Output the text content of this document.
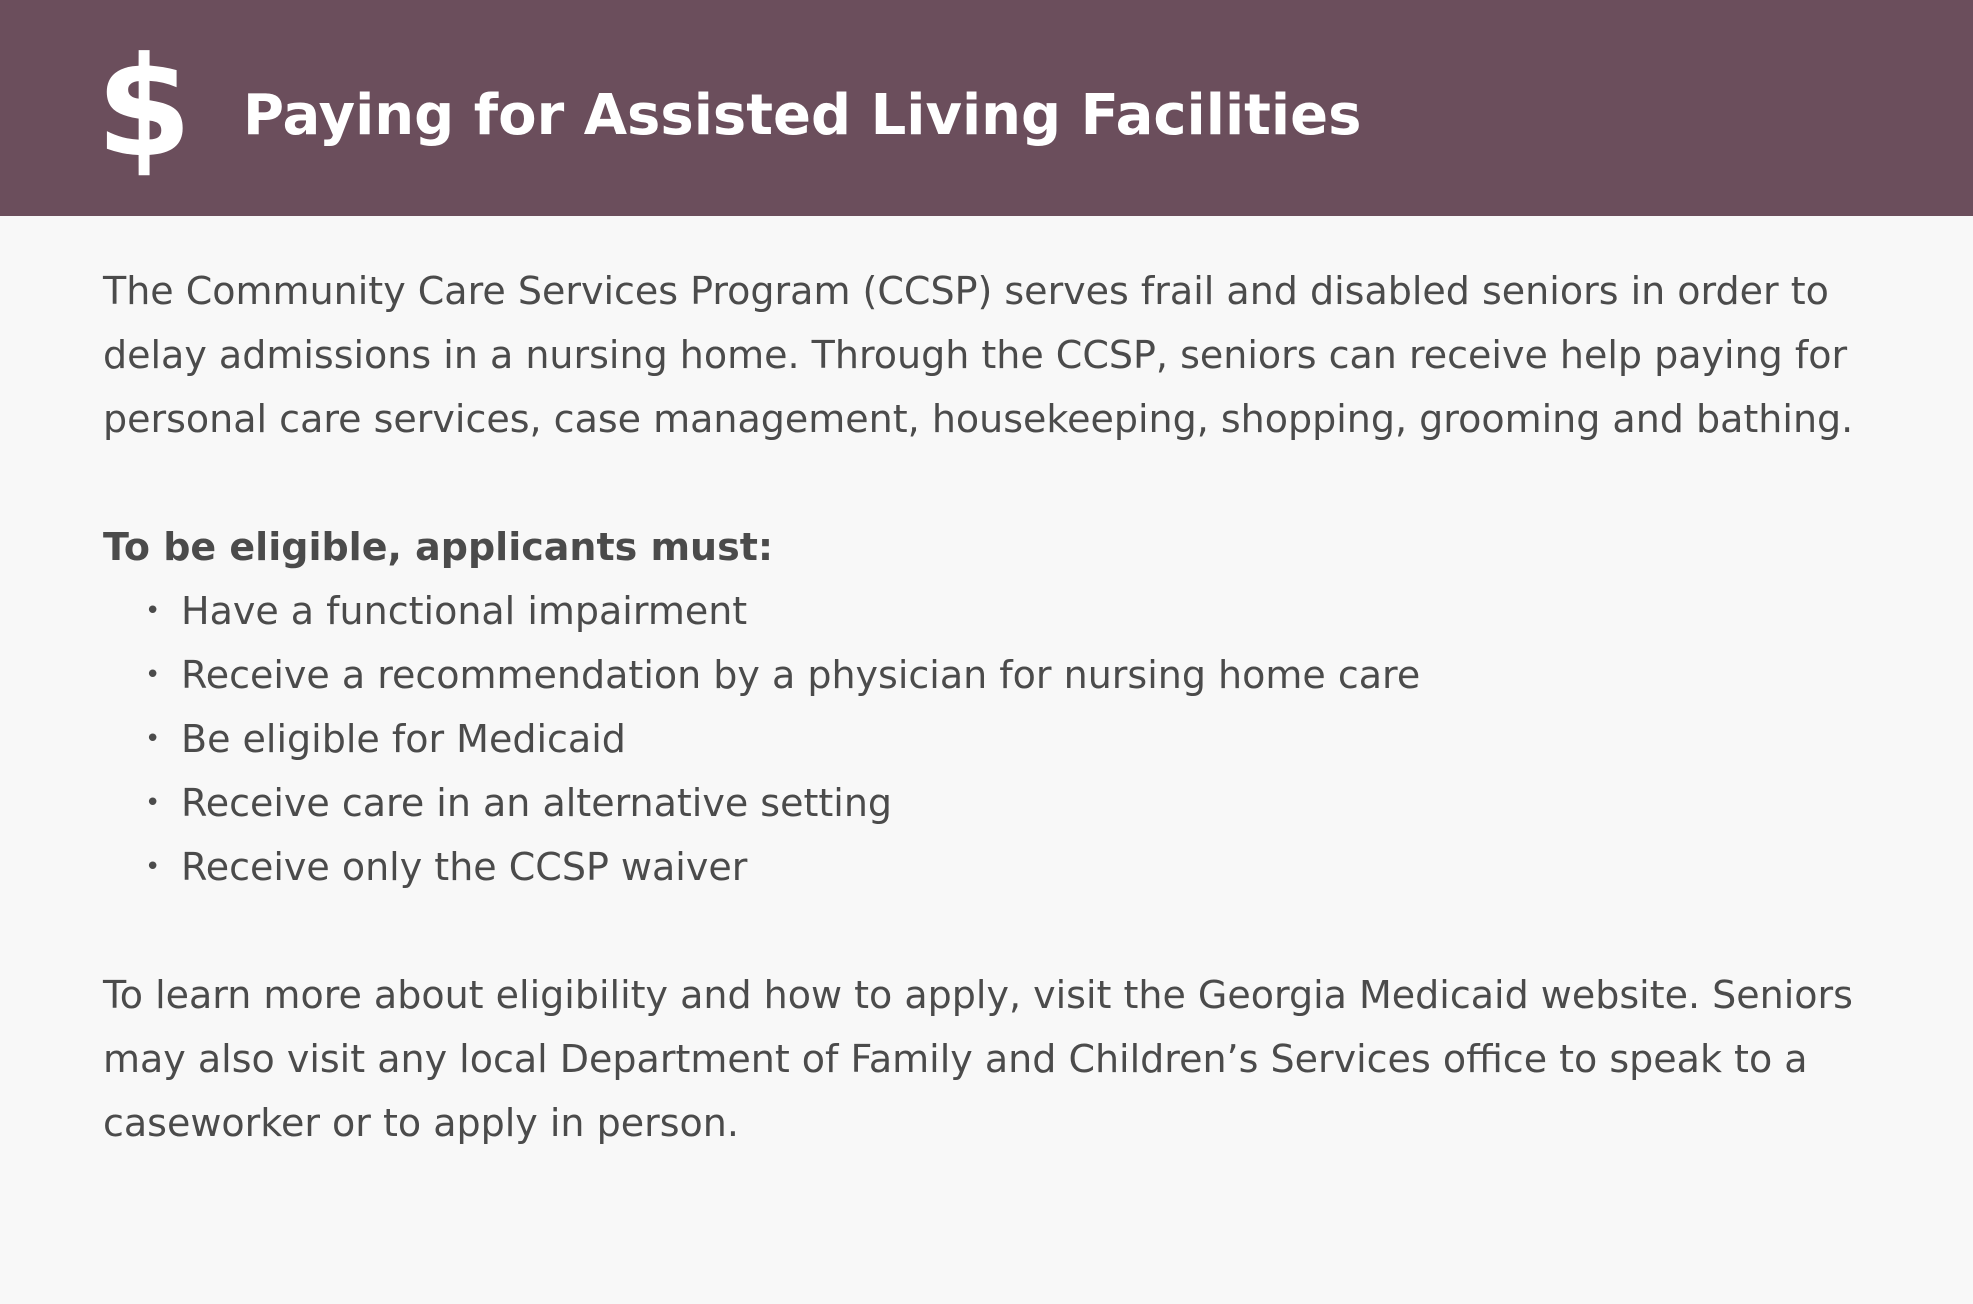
$ Paying for Assisted Living Facilities

The Community Care Services Program (CCSP) serves frail and disabled seniors in order to delay admissions in a nursing home. Through the CCSP, seniors can receive help paying for personal care services, case management, housekeeping, shopping, grooming and bathing.

To be eligible, applicants must:

• Have a functional impairment
• Receive a recommendation by a physician for nursing home care
• Be eligible for Medicaid
• Receive care in an alternative setting
• Receive only the CCSP waiver

To learn more about eligibility and how to apply, visit the Georgia Medicaid website. Seniors may also visit any local Department of Family and Children’s Services office to speak to a caseworker or to apply in person.
